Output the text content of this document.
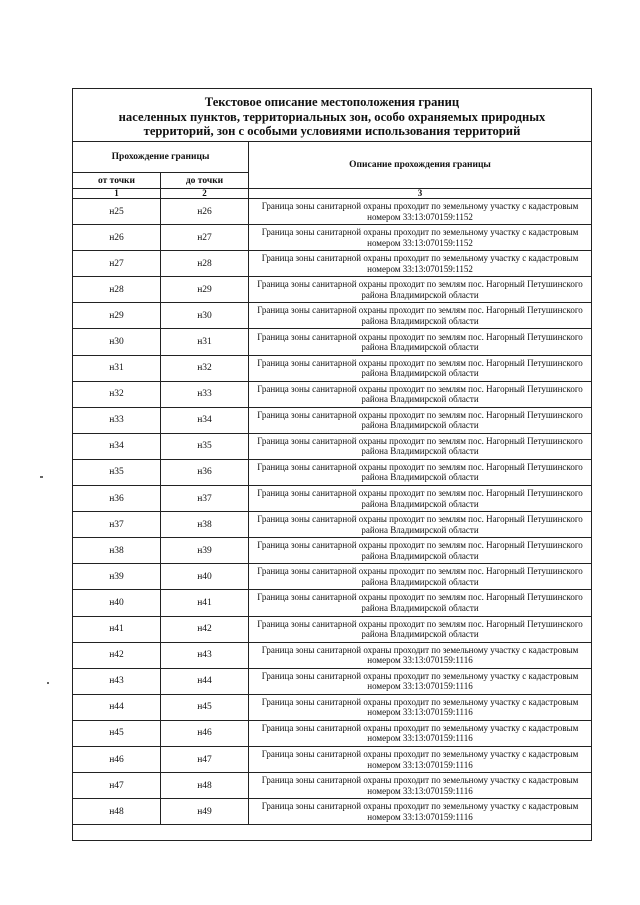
Текстовое описание местоположения границ
населенных пунктов, территориальных зон, особо охраняемых природных
территорий, зон с особыми условиями использования территорий
Прохождение границы		Описание прохождения границы
от точки	до точки	
1	2	3
н25	н26	Граница зоны санитарной охраны проходит по земельному участку с кадастровым номером 33:13:070159:1152
н26	н27	Граница зоны санитарной охраны проходит по земельному участку с кадастровым номером 33:13:070159:1152
н27	н28	Граница зоны санитарной охраны проходит по земельному участку с кадастровым номером 33:13:070159:1152
н28	н29	Граница зоны санитарной охраны проходит по землям пос. Нагорный Петушинского района Владимирской области
н29	н30	Граница зоны санитарной охраны проходит по землям пос. Нагорный Петушинского района Владимирской области
н30	н31	Граница зоны санитарной охраны проходит по землям пос. Нагорный Петушинского района Владимирской области
н31	н32	Граница зоны санитарной охраны проходит по землям пос. Нагорный Петушинского района Владимирской области
н32	н33	Граница зоны санитарной охраны проходит по землям пос. Нагорный Петушинского района Владимирской области
н33	н34	Граница зоны санитарной охраны проходит по землям пос. Нагорный Петушинского района Владимирской области
н34	н35	Граница зоны санитарной охраны проходит по землям пос. Нагорный Петушинского района Владимирской области
н35	н36	Граница зоны санитарной охраны проходит по землям пос. Нагорный Петушинского района Владимирской области
н36	н37	Граница зоны санитарной охраны проходит по землям пос. Нагорный Петушинского района Владимирской области
н37	н38	Граница зоны санитарной охраны проходит по землям пос. Нагорный Петушинского района Владимирской области
н38	н39	Граница зоны санитарной охраны проходит по землям пос. Нагорный Петушинского района Владимирской области
н39	н40	Граница зоны санитарной охраны проходит по землям пос. Нагорный Петушинского района Владимирской области
н40	н41	Граница зоны санитарной охраны проходит по землям пос. Нагорный Петушинского района Владимирской области
н41	н42	Граница зоны санитарной охраны проходит по землям пос. Нагорный Петушинского района Владимирской области
н42	н43	Граница зоны санитарной охраны проходит по земельному участку с кадастровым номером 33:13:070159:1116
н43	н44	Граница зоны санитарной охраны проходит по земельному участку с кадастровым номером 33:13:070159:1116
н44	н45	Граница зоны санитарной охраны проходит по земельному участку с кадастровым номером 33:13:070159:1116
н45	н46	Граница зоны санитарной охраны проходит по земельному участку с кадастровым номером 33:13:070159:1116
н46	н47	Граница зоны санитарной охраны проходит по земельному участку с кадастровым номером 33:13:070159:1116
н47	н48	Граница зоны санитарной охраны проходит по земельному участку с кадастровым номером 33:13:070159:1116
н48	н49	Граница зоны санитарной охраны проходит по земельному участку с кадастровым номером 33:13:070159:1116
